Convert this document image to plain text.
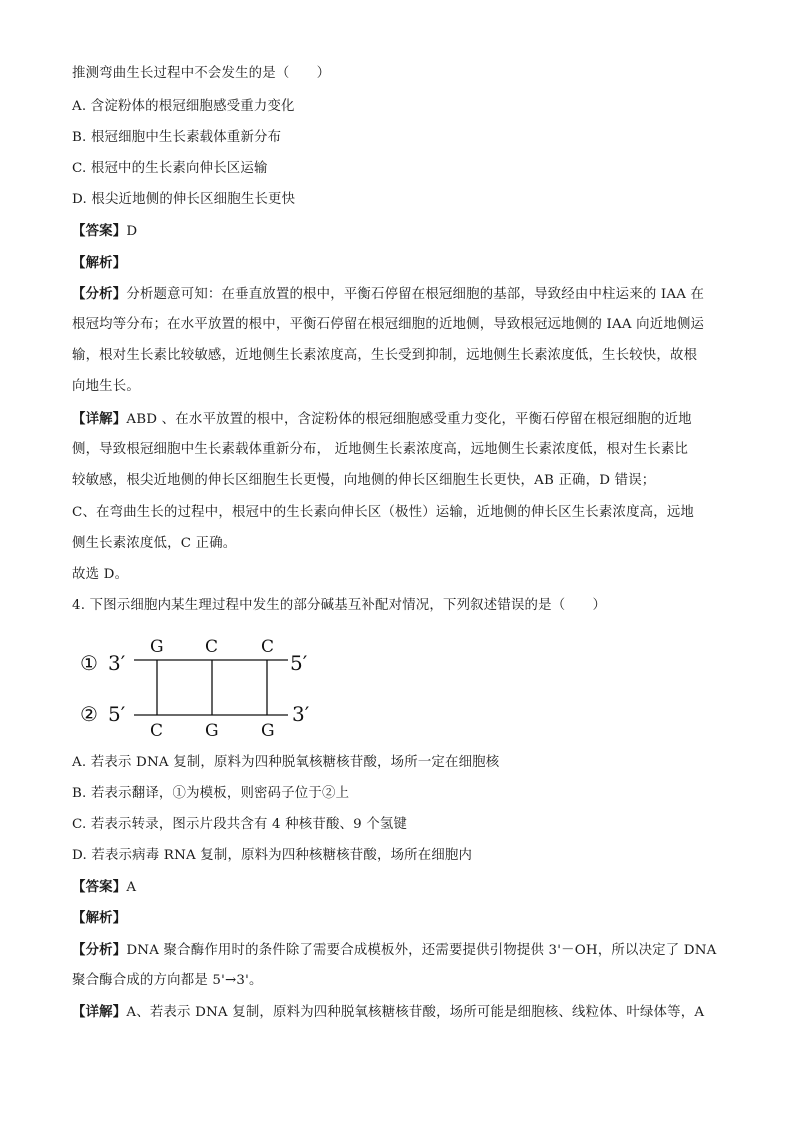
推测弯曲生长过程中不会发生的是（　　）
A. 含淀粉体的根冠细胞感受重力变化
B. 根冠细胞中生长素载体重新分布
C. 根冠中的生长素向伸长区运输
D. 根尖近地侧的伸长区细胞生长更快
【答案】D
【解析】
【分析】分析题意可知：在垂直放置的根中，平衡石停留在根冠细胞的基部，导致经由中柱运来的 IAA 在
根冠均等分布；在水平放置的根中，平衡石停留在根冠细胞的近地侧，导致根冠远地侧的 IAA 向近地侧运
输，根对生长素比较敏感，近地侧生长素浓度高，生长受到抑制，远地侧生长素浓度低，生长较快，故根
向地生长。
【详解】ABD 、在水平放置的根中，含淀粉体的根冠细胞感受重力变化，平衡石停留在根冠细胞的近地
侧，导致根冠细胞中生长素载体重新分布， 近地侧生长素浓度高，远地侧生长素浓度低，根对生长素比
较敏感，根尖近地侧的伸长区细胞生长更慢，向地侧的伸长区细胞生长更快，AB 正确，D 错误；
C、在弯曲生长的过程中，根冠中的生长素向伸长区（极性）运输，近地侧的伸长区生长素浓度高，远地
侧生长素浓度低，C 正确。
故选 D。
4. 下图示细胞内某生理过程中发生的部分碱基互补配对情况，下列叙述错误的是（　　）
① 3′	5′
G C	C
② 5′	3′
C G G
A. 若表示 DNA 复制，原料为四种脱氧核糖核苷酸，场所一定在细胞核
B. 若表示翻译，①为模板，则密码子位于②上
C. 若表示转录，图示片段共含有 4 种核苷酸、9 个氢键
D. 若表示病毒 RNA 复制，原料为四种核糖核苷酸，场所在细胞内
【答案】A
【解析】
【分析】DNA 聚合酶作用时的条件除了需要合成模板外，还需要提供引物提供 3'－OH，所以决定了 DNA
聚合酶合成的方向都是 5'→3'。
【详解】A、若表示 DNA 复制，原料为四种脱氧核糖核苷酸，场所可能是细胞核、线粒体、叶绿体等，A
